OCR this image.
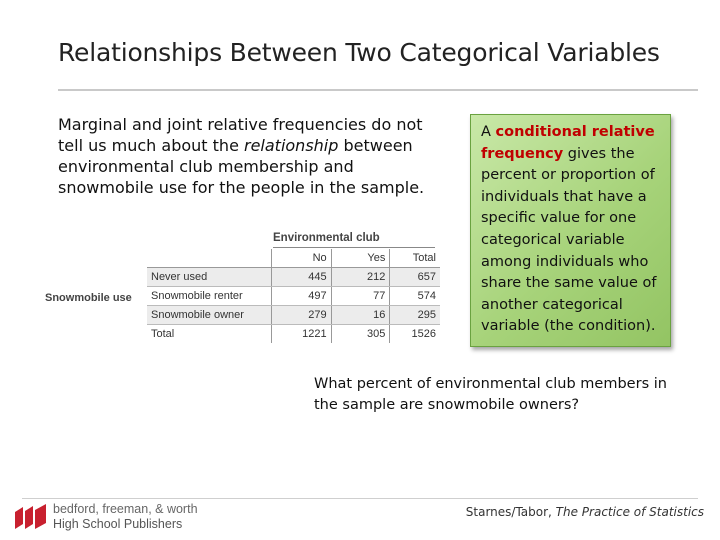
Relationships Between Two Categorical Variables
Marginal and joint relative frequencies do not tell us much about the relationship between environmental club membership and snowmobile use for the people in the sample.
A conditional relative frequency gives the percent or proportion of individuals that have a specific value for one categorical variable among individuals who share the same value of another categorical variable (the condition).
Environmental club
Snowmobile use
	No	Yes	Total
Never used	445	212	657
Snowmobile renter	497	77	574
Snowmobile owner	279	16	295
Total	1221	305	1526
What percent of environmental club members in the sample are snowmobile owners?
bedford, freeman, & worth
High School Publishers
Starnes/Tabor, The Practice of Statistics
